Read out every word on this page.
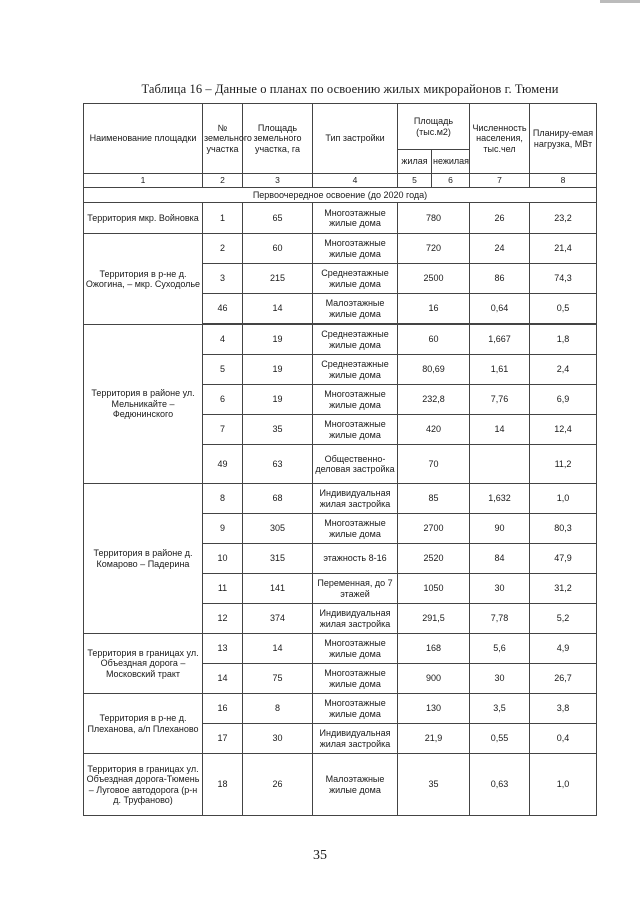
Таблица 16 – Данные о планах по освоению жилых микрорайонов г. Тюмени
Наименование площадки	№ земельного участка	Площадь земельного участка, га	Тип застройки	Площадь (тыс.м2)		Численность населения, тыс.чел	Планиру-емая нагрузка, МВт
				жилая	нежилая		
1	2	3	4	5	6	7	8
Первоочередное освоение (до 2020 года)							
Территория мкр. Войновка	1	65	Многоэтажные жилые дома	780		26	23,2
Территория в р-не д. Ожогина, – мкр. Суходолье	2	60	Многоэтажные жилые дома	720		24	21,4
	3	215	Среднеэтажные жилые дома	2500		86	74,3
	46	14	Малоэтажные жилые дома	16		0,64	0,5

Территория в районе ул. Мельникайте – Федюнинского	4	19	Среднеэтажные жилые дома	60		1,667	1,8
	5	19	Среднеэтажные жилые дома	80,69		1,61	2,4
	6	19	Многоэтажные жилые дома	232,8		7,76	6,9
	7	35	Многоэтажные жилые дома	420		14	12,4
	49	63	Общественно-деловая застройка	70			11,2
Территория в районе д. Комарово – Падерина	8	68	Индивидуальная жилая застройка	85		1,632	1,0
	9	305	Многоэтажные жилые дома	2700		90	80,3
	10	315	этажность 8-16	2520		84	47,9
	11	141	Переменная, до 7 этажей	1050		30	31,2
	12	374	Индивидуальная жилая застройка	291,5		7,78	5,2
Территория в границах ул. Объездная дорога – Московский тракт	13	14	Многоэтажные жилые дома	168		5,6	4,9
	14	75	Многоэтажные жилые дома	900		30	26,7
Территория в р-не д. Плеханова, а/п Плеханово	16	8	Многоэтажные жилые дома	130		3,5	3,8
	17	30	Индивидуальная жилая застройка	21,9		0,55	0,4
Территория в границах ул. Объездная дорога-Тюмень – Луговое автодорога (р-н д. Труфаново)	18	26	Малоэтажные жилые дома	35		0,63	1,0
35
